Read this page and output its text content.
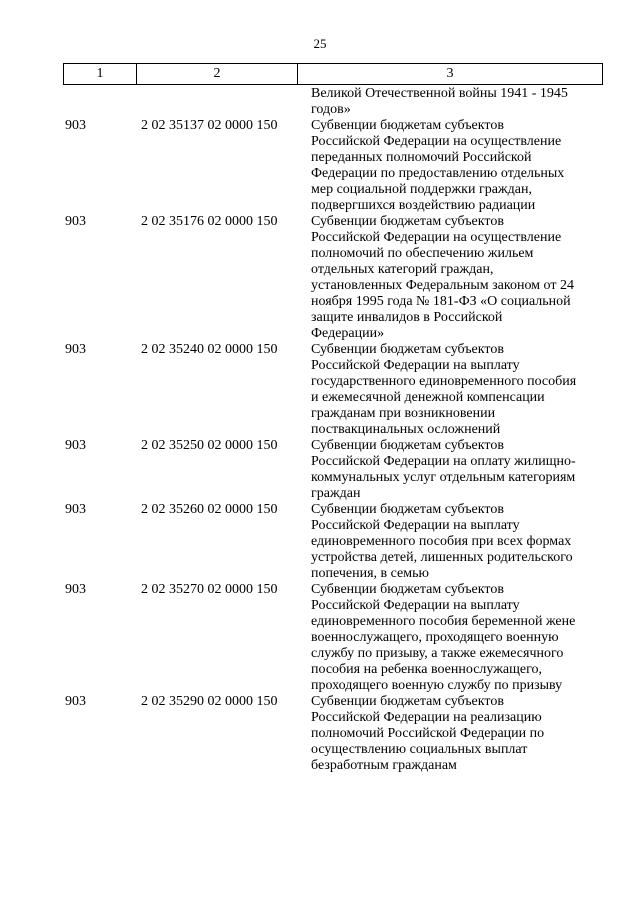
25
1	2	3
Великой Отечественной войны 1941 - 1945
годов»
903	2 02 35137 02 0000 150	Субвенции бюджетам субъектов
Российской Федерации на осуществление
переданных полномочий Российской
Федерации по предоставлению отдельных
мер социальной поддержки граждан,
подвергшихся воздействию радиации
903	2 02 35176 02 0000 150	Субвенции бюджетам субъектов
Российской Федерации на осуществление
полномочий по обеспечению жильем
отдельных категорий граждан,
установленных Федеральным законом от 24
ноября 1995 года № 181-ФЗ «О социальной
защите инвалидов в Российской
Федерации»
903	2 02 35240 02 0000 150	Субвенции бюджетам субъектов
Российской Федерации на выплату
государственного единовременного пособия
и ежемесячной денежной компенсации
гражданам при возникновении
поствакцинальных осложнений
903	2 02 35250 02 0000 150	Субвенции бюджетам субъектов
Российской Федерации на оплату жилищно-
коммунальных услуг отдельным категориям
граждан
903	2 02 35260 02 0000 150	Субвенции бюджетам субъектов
Российской Федерации на выплату
единовременного пособия при всех формах
устройства детей, лишенных родительского
попечения, в семью
903	2 02 35270 02 0000 150	Субвенции бюджетам субъектов
Российской Федерации на выплату
единовременного пособия беременной жене
военнослужащего, проходящего военную
службу по призыву, а также ежемесячного
пособия на ребенка военнослужащего,
проходящего военную службу по призыву
903	2 02 35290 02 0000 150	Субвенции бюджетам субъектов
Российской Федерации на реализацию
полномочий Российской Федерации по
осуществлению социальных выплат
безработным гражданам
